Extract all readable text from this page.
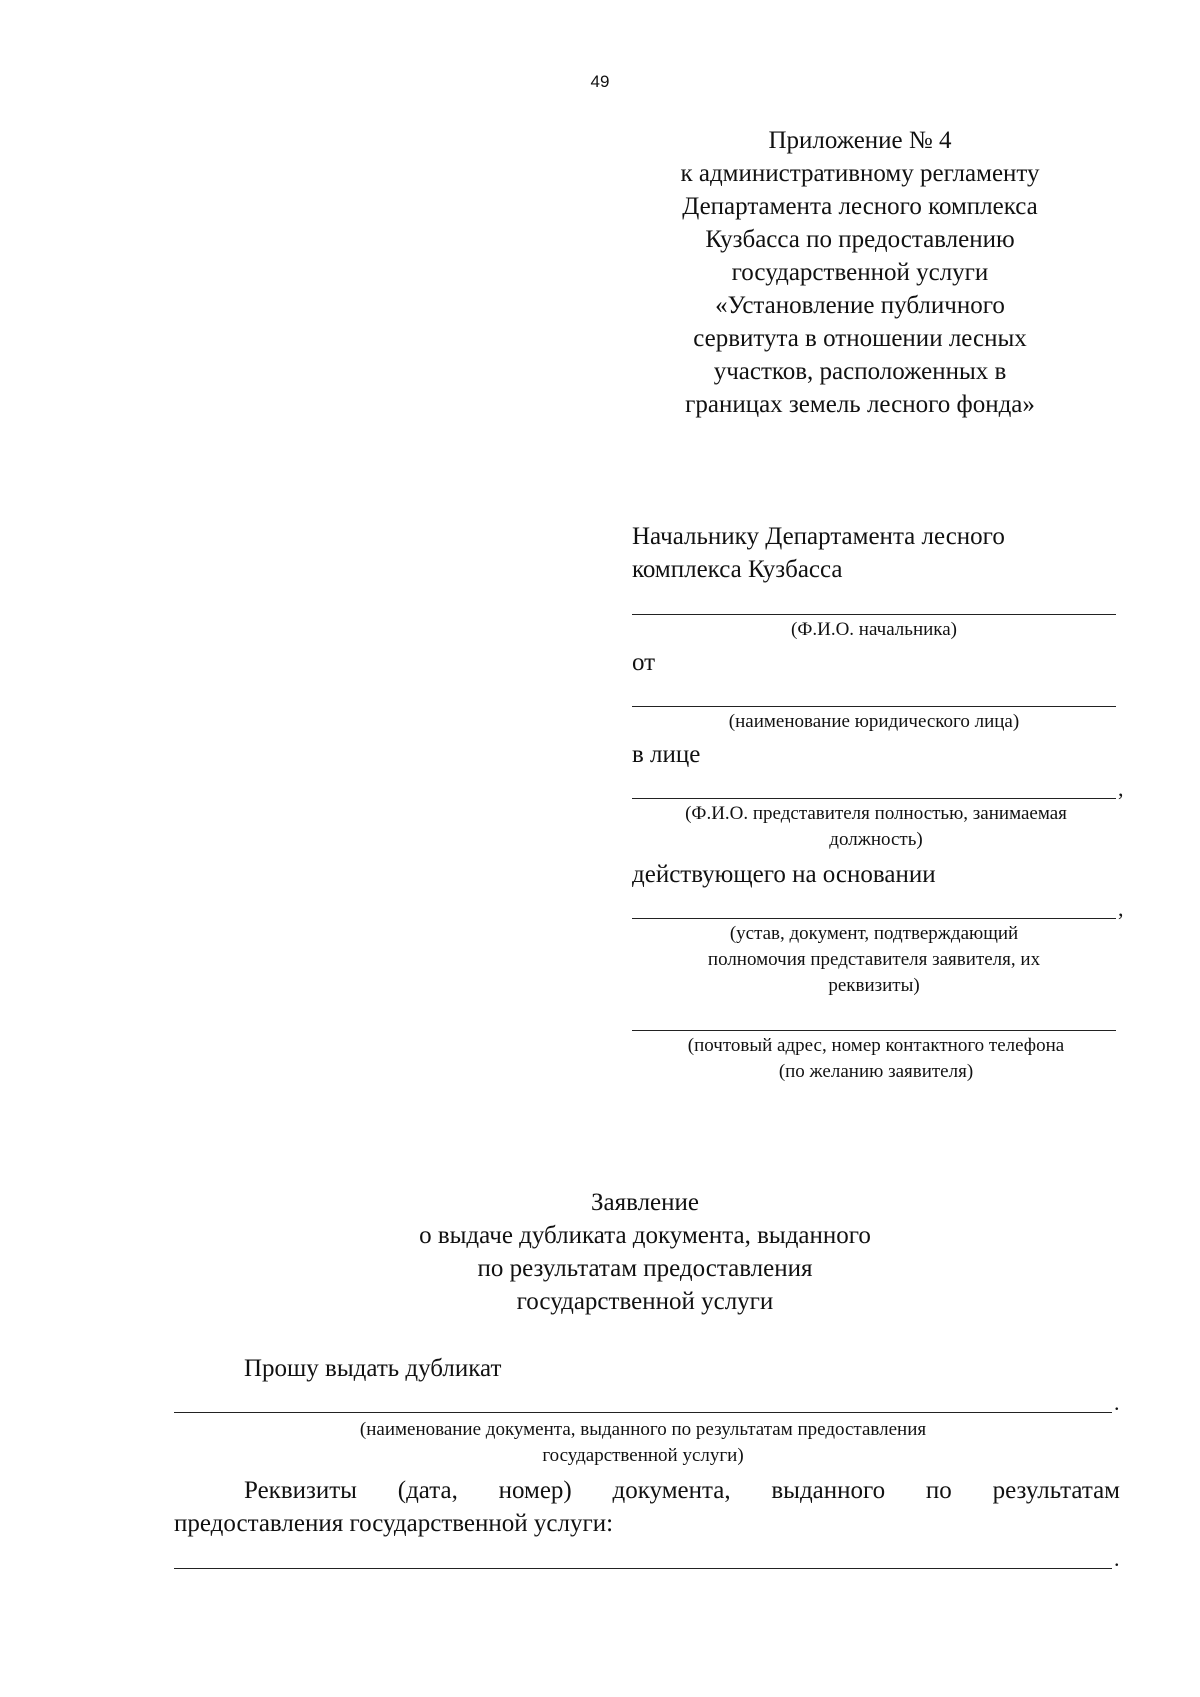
49
Приложение № 4
к административному регламенту
Департамента лесного комплекса
Кузбасса по предоставлению
государственной услуги
«Установление публичного
сервитута в отношении лесных
участков, расположенных в
границах земель лесного фонда»
Начальнику Департамента лесного
комплекса Кузбасса
(Ф.И.О. начальника)
от
(наименование юридического лица)
в лице
,
(Ф.И.О. представителя полностью, занимаемая
должность)
действующего на основании
,
(устав, документ, подтверждающий
полномочия представителя заявителя, их
реквизиты)
(почтовый адрес, номер контактного телефона
(по желанию заявителя)
Заявление
о выдаче дубликата документа, выданного
по результатам предоставления
государственной услуги
Прошу выдать дубликат
.
(наименование документа, выданного по результатам предоставления
государственной услуги)
Реквизиты (дата, номер) документа, выданного по результатам
предоставления государственной услуги:
.
